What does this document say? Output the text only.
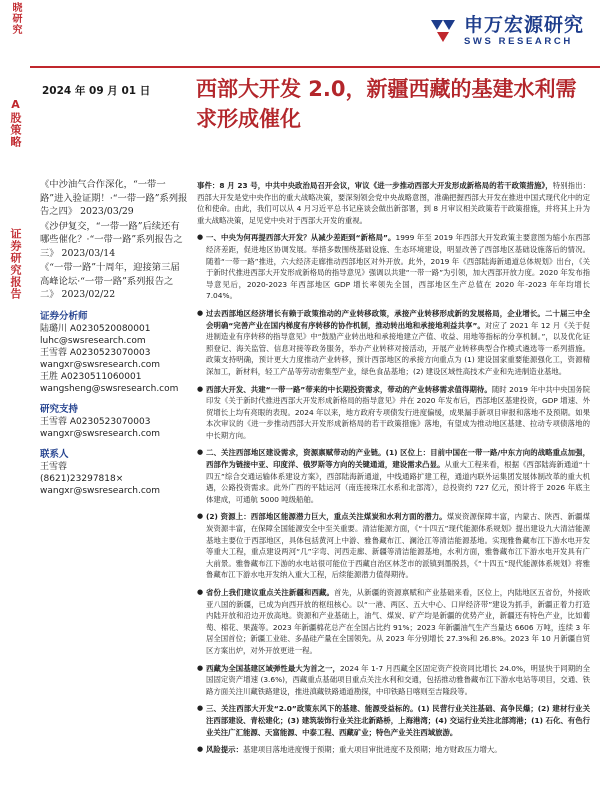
晓研究
A股策略
证券研究报告
申万宏源研究
SWS RESEARCH
2024 年 09 月 01 日 西部大开发 2.0，新疆西藏的基建水利需求形成催化
《中沙油气合作深化，“一带一路”进入验证期！·“一带一路”系列报告之四》 2023/03/29
《沙伊复交，“一带一路”后续还有哪些催化？·“一带一路”系列报告之三》 2023/03/14
《“一带一路”十周年，迎接第三届高峰论坛·“一带一路”系列报告之二》 2023/02/22
证券分析师
陆璐川 A0230520080001
luhc@swsresearch.com
王雪蓉 A0230523070003
wangxr@swsresearch.com
王胜 A0230511060001
wangsheng@swsresearch.com
研究支持
王雪蓉 A0230523070003
wangxr@swsresearch.com
联系人
王雪蓉
(8621)23297818×
wangxr@swsresearch.com
事件：8 月 23 号，中共中央政治局召开会议，审议《进一步推动西部大开发形成新格局的若干政策措施》，特别指出：西部大开发是党中央作出的重大战略决策，要深刻领会党中央战略意图，准确把握西部大开发在推进中国式现代化中的定位和使命。由此，我们可以从 4 月习近平总书记座谈会做出新部署，到 8 月审议相关政策若干政策措施，并将其上升为重大战略决策，足见党中央对于西部大开发的重视。
● 一、中央为何再提西部大开发？从减少差距到“新格局”。1999 年至 2019 年西部大开发政策主要意图为缩小东西部经济差距，促进地区协调发展。举措多数围绕基础设施、生态环境建设，明显改善了西部地区基础设施落后的情况。随着“一带一路”推进，六大经济走廊推动西部地区对外开放。此外，2019 年《西部陆海新通道总体规划》出台，《关于新时代推进西部大开发形成新格局的指导意见》强调以共建“一带一路”为引领，加大西部开放力度。2020 年发布指导意见后，2020-2023 年西部地区 GDP 增长率领先全国，西部地区生产总值在 2020 年-2023 年年均增长 7.04%。
● 过去西部地区经济增长有赖于政策推动的产业转移政策，承接产业转移形成新的发展格局，企业增长。二十届三中全会明确“完善产业在国内梯度有序转移的协作机制，推动转出地和承接地利益共享”。对应了 2021 年 12 月《关于促进制造业有序转移的指导意见》中“鼓励产业转出地和承接地建立产值、收益、用地等指标的分享机制。”，以及优化证照登记、海关监管、信息对接等政务服务，举办产业转移对接活动，开展产业转移典型合作模式遴选等一系列措施。政策支持明确，预计更大力度推动产业转移，预计西部地区的承接方向重点为 (1) 建设国家重要能源强化工，资源精深加工，新材料，轻工产品等劳动密集型产业，绿色食品基地；(2) 建设区域性高技术产业和先进制造业基地。
● 西部大开发、共建“一带一路”带来的中长期投资需求，带动的产业转移需求值得期待。随时 2019 年中共中央国务院印发《关于新时代推进西部大开发形成新格局的指导意见》并在 2020 年发布后，西部地区基建投资，GDP 增速、外贸增长上均有亮眼的表现。2024 年以来，地方政府专项债发行进度偏缓，成果漏手新项目审报和落地不及预期。如果本次审议的《进一步推动西部大开发形成新格局的若干政策措施》落地，有望成为推动地区基建、拉动专项债落地的中长期方向。
● 二、关注西部地区建设需求，资源禀赋带动的产业链。(1) 区位上：目前中国在一带一路/中东方向的战略重点加强，西部作为链接中亚、印度洋、俄罗斯等方向的关键通道，建设需求凸显。从重大工程来看，根据《西部陆海新通道“十四五”综合交通运输体系建设方案》，西部陆海新通道，中线通路扩建工程，通道内联外运集团发展体制改革的重大机遇，公路投资需求。此外广西的平陆运河（南连接珠江水系和北部湾），总投资约 727 亿元，预计将于 2026 年底主体建成，可通航 5000 吨级船舶。
● (2) 资源上：西部地区能源潜力巨大，重点关注煤炭和水利方面的潜力。煤炭资源保障丰富，内蒙古、陕西、新疆煤炭资源丰富，在保障全国能源安全中至关重要。清洁能源方面，《“十四五”现代能源体系规划》提出建设九大清洁能源基地主要位于西部地区，具体包括黄河上中游、雅鲁藏布江、澜沧江等清洁能源基地。实现雅鲁藏布江下游水电开发等重大工程，重点建设两河“几”字弯、河西走廊、新疆等清洁能源基地，水利方面，雅鲁藏布江下游水电开发具有广大前景。雅鲁藏布江下游的水电站很可能位于西藏自治区林芝市的派镇到墨脱县，《“十四五”现代能源体系规划》将雅鲁藏布江下游水电开发纳入重大工程，后续能源潜力值得期待。
● 省份上我们建议重点关注新疆和西藏。首先，从新疆的资源禀赋和产业基础来看，区位上，内陆地区五省份，外接欧亚八国的新疆，已成为向西开放的枢纽核心。以“一港、两区、五大中心、口岸经济带”建设为抓手，新疆正着力打造内陆开放和沿边开放高地。资源和产业基础上，油气、煤炭、矿产均是新疆的优势产业，新疆还有特色产业，比如葡萄、棉花、果蔬等。2023 年新疆棉花总产在全国占比约 91%；2023 年新疆油气生产当量达 6606 万吨，连续 3 年居全国首位；新疆工业硅、多晶硅产量在全国领先。从 2023 年分别增长 27.3%和 26.8%。2023 年 10 月新疆自贸区方案出炉，对外开放更进一程。
● 西藏为全国基建区域弹性最大为首之一，2024 年 1-7 月西藏全区固定资产投资同比增长 24.0%，明显快于同期的全国固定资产增速 (3.6%)，西藏重点基础项目重点关注水利和交通，包括推动雅鲁藏布江下游水电站等项目，交通、铁路方面关注川藏铁路建设，推进滇藏铁路通道勘探，中印铁路日喀则至吉隆段等。
● 三、关注西部大开发“2.0”政策东风下的基建、能源受益标的。(1) 民营行业关注基础、高争民爆；(2) 建材行业关注西部建设、青松建化；(3) 建筑装饰行业关注北新路桥，上海港湾；(4) 交运行业关注北部湾港；(1) 石化、有色行业关注广汇能源、天富能源、中泰工程、西藏矿业；特色产业关注西域旅游。
● 风险提示：基建项目落地进度慢于预期；重大项目审批进度不及预期；地方财政压力增大。
